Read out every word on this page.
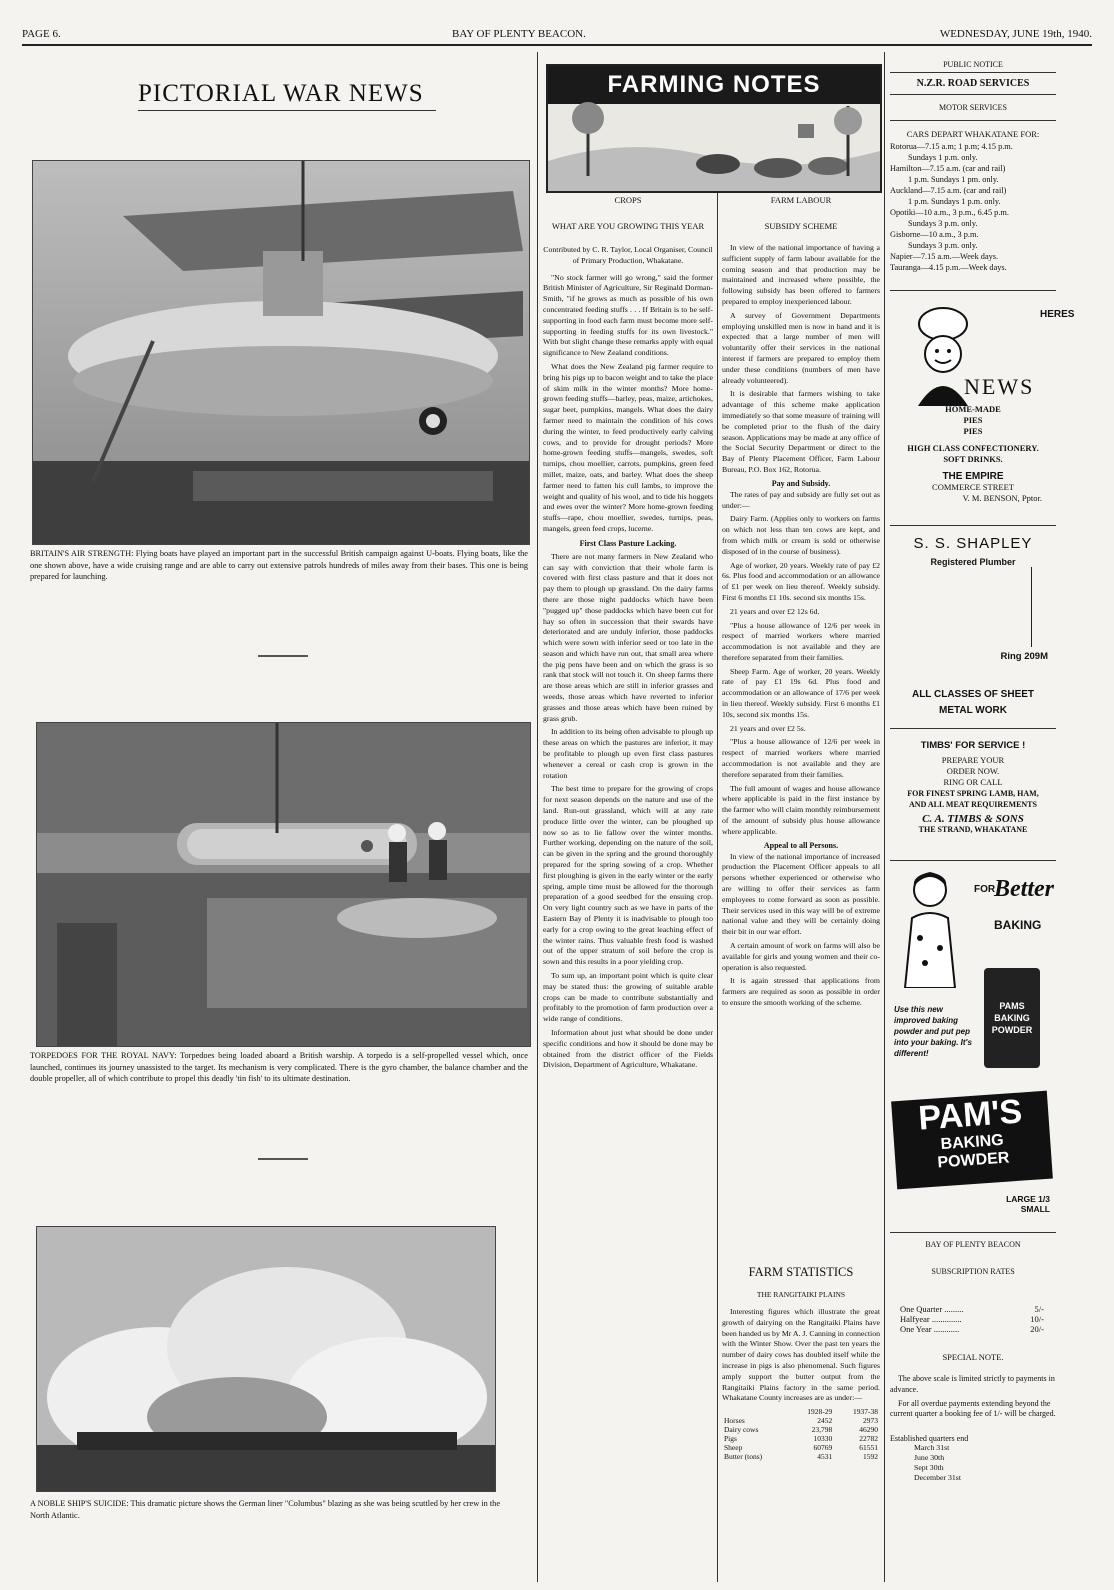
PAGE 6.	BAY OF PLENTY BEACON.	WEDNESDAY, JUNE 19th, 1940.
PICTORIAL WAR NEWS
BRITAIN'S AIR STRENGTH: Flying boats have played an important part in the successful British campaign against U-boats. Flying boats, like the one shown above, have a wide cruising range and are able to carry out extensive patrols hundreds of miles away from their bases. This one is being prepared for launching.
TORPEDOES FOR THE ROYAL NAVY: Torpedoes being loaded aboard a British warship. A torpedo is a self-propelled vessel which, once launched, continues its journey unassisted to the target. Its mechanism is very complicated. There is the gyro chamber, the balance chamber and the double propeller, all of which contribute to propel this deadly 'tin fish' to its ultimate destination.
A NOBLE SHIP'S SUICIDE: This dramatic picture shows the German liner "Columbus" blazing as she was being scuttled by her crew in the North Atlantic.
FARMING NOTES
CROPS
WHAT ARE YOU GROWING THIS YEAR
Contributed by C. R. Taylor, Local Organiser, Council of Primary Production, Whakatane.

"No stock farmer will go wrong," said the former British Minister of Agriculture, Sir Reginald Dorman-Smith, "if he grows as much as possible of his own concentrated feeding stuffs . . . If Britain is to be self-supporting in food each farm must become more self-supporting in feeding stuffs for its own livestock." With but slight change these remarks apply with equal significance to New Zealand conditions.

What does the New Zealand pig farmer require to bring his pigs up to bacon weight and to take the place of skim milk in the winter months? More home-grown feeding stuffs—barley, peas, maize, artichokes, sugar beet, pumpkins, mangels. What does the dairy farmer need to maintain the condition of his cows during the winter, to feed productively early calving cows, and to provide for drought periods? More home-grown feeding stuffs—mangels, swedes, soft turnips, chou moellier, carrots, pumpkins, green feed millet, maize, oats, and barley. What does the sheep farmer need to fatten his cull lambs, to improve the weight and quality of his wool, and to tide his hoggets and ewes over the winter? More home-grown feeding stuffs—rape, chou moellier, swedes, turnips, peas, mangels, green feed crops, lucerne.

First Class Pasture Lacking.

There are not many farmers in New Zealand who can say with conviction that their whole farm is covered with first class pasture and that it does not pay them to plough up grassland. On the dairy farms there are those night paddocks which have been "pugged up" those paddocks which have been cut for hay so often in succession that their swards have deteriorated and are unduly inferior, those paddocks which were sown with inferior seed or too late in the season and which have run out, that small area where the pig pens have been and on which the grass is so rank that stock will not touch it. On sheep farms there are those areas which are still in inferior grasses and weeds, those areas which have reverted to inferior grasses and those areas which have been ruined by grass grub.

In addition to its being often advisable to plough up these areas on which the pastures are inferior, it may be profitable to plough up even first class pastures whenever a cereal or cash crop is grown in the rotation

The best time to prepare for the growing of crops for next season depends on the nature and use of the land. Run-out grassland, which will at any rate produce little over the winter, can be ploughed up now so as to lie fallow over the winter months. Further working, depending on the nature of the soil, can be given in the spring and the ground thoroughly prepared for the spring sowing of a crop. Whether first ploughing is given in the early winter or the early spring, ample time must be allowed for the thorough preparation of a good seedbed for the ensuing crop. On very light country such as we have in parts of the Eastern Bay of Plenty it is inadvisable to plough too early for a crop owing to the great leaching effect of the winter rains. Thus valuable fresh food is washed out of the upper stratum of soil before the crop is sown and this results in a poor yielding crop.

To sum up, an important point which is quite clear may be stated thus: the growing of suitable arable crops can be made to contribute substantially and profitably to the promotion of farm production over a wide range of conditions.

Information about just what should be done under specific conditions and how it should be done may be obtained from the district officer of the Fields Division, Department of Agriculture, Whakatane.

FARM LABOUR
SUBSIDY SCHEME

In view of the national importance of having a sufficient supply of farm labour available for the coming season and that production may be maintained and increased where possible, the following subsidy has been offered to farmers prepared to employ inexperienced labour.

A survey of Government Departments employing unskilled men is now in hand and it is expected that a large number of men will voluntarily offer their services in the national interest if farmers are prepared to employ them under these conditions (numbers of men have already volunteered).

It is desirable that farmers wishing to take advantage of this scheme make application immediately so that some measure of training will be completed prior to the flush of the dairy season. Applications may be made at any office of the Social Security Department or direct to the Bay of Plenty Placement Officer, Farm Labour Bureau, P.O. Box 162, Rotorua.

Pay and Subsidy.

The rates of pay and subsidy are fully set out as under:—

Dairy Farm. (Applies only to workers on farms on which not less than ten cows are kept, and from which milk or cream is sold or otherwise disposed of in the course of business).

Age of worker, 20 years. Weekly rate of pay £2 6s. Plus food and accommodation or an allowance of £1 per week on lieu thereof. Weekly subsidy. First 6 months £1 10s. second six months 15s.

21 years and over £2 12s 6d.

"Plus a house allowance of 12/6 per week in respect of married workers where married accommodation is not available and they are therefore separated from their families.

Sheep Farm. Age of worker, 20 years. Weekly rate of pay £1 19s 6d. Plus food and accommodation or an allowance of 17/6 per week in lieu thereof. Weekly subsidy. First 6 months £1 10s, second six months 15s.

21 years and over £2 5s.

"Plus a house allowance of 12/6 per week in respect of married workers where married accommodation is not available and they are therefore separated from their families.

The full amount of wages and house allowance where applicable is paid in the first instance by the farmer who will claim monthly reimbursement of the amount of subsidy plus house allowance where applicable.

Appeal to all Persons.

In view of the national importance of increased production the Placement Officer appeals to all persons whether experienced or otherwise who are willing to offer their services as farm employees to come forward as soon as possible. Their services used in this way will be of extreme national value and they will be certainly doing their bit in our war effort.

A certain amount of work on farms will also be available for girls and young women and their co-operation is also requested.

It is again stressed that applications from farmers are required as soon as possible in order to ensure the smooth working of the scheme.

FARM STATISTICS
THE RANGITAIKI PLAINS

Interesting figures which illustrate the great growth of dairying on the Rangitaiki Plains have been handed us by Mr A. J. Canning in connection with the Winter Show. Over the past ten years the number of dairy cows has doubled itself while the increase in pigs is also phenomenal. Such figures amply support the butter output from the Rangitaiki Plains factory in the same period. Whakatane County increases are as under:—

	1928-29	1937-38
Horses	2452	2973
Dairy cows	23,798	46290
Pigs	10330	22782
Sheep	60769	61551
Butter (tons)	4531	1592
PUBLIC NOTICE
N.Z.R. ROAD SERVICES
MOTOR SERVICES
CARS DEPART WHAKATANE FOR:
Rotorua—7.15 a.m; 1 p.m; 4.15 p.m.
Sundays 1 p.m. only.
Hamilton—7.15 a.m. (car and rail)
1 p.m. Sundays 1 pm. only.
Auckland—7.15 a.m. (car and rail)
1 p.m. Sundays 1 p.m. only.
Opotiki—10 a.m., 3 p.m., 6.45 p.m.
Sundays 3 p.m. only.
Gisborne—10 a.m., 3 p.m.
Sundays 3 p.m. only.
Napier—7.15 a.m.—Week days.
Tauranga—4.15 p.m.—Week days.
HERES
NEWS
HOME-MADE
PIES
PIES
HIGH CLASS CONFECTIONERY.
SOFT DRINKS.
THE EMPIRE
COMMERCE STREET
V. M. BENSON, Pptor.
S. S. SHAPLEY
Registered Plumber
Ring 209M
ALL CLASSES OF SHEET
METAL WORK
TIMBS' FOR SERVICE !
PREPARE YOUR
ORDER NOW.
RING OR CALL
FOR FINEST SPRING LAMB, HAM,
AND ALL MEAT REQUIREMENTS
C. A. TIMBS & SONS
THE STRAND, WHAKATANE
FOR
Better
BAKING
Use this new improved baking powder and put pep into your baking. It's different!
PAMS BAKING POWDER
PAM'S
BAKING
POWDER
LARGE 1/3
SMALL
BAY OF PLENTY BEACON
SUBSCRIPTION RATES
One Quarter .........	5/-
Halfyear ..............	10/-
One Year ............	20/-
SPECIAL NOTE.

The above scale is limited strictly to payments in advance.

For all overdue payments extending beyond the current quarter a booking fee of 1/- will be charged.

Established quarters end
March 31st
June 30th
Sept 30th
December 31st
